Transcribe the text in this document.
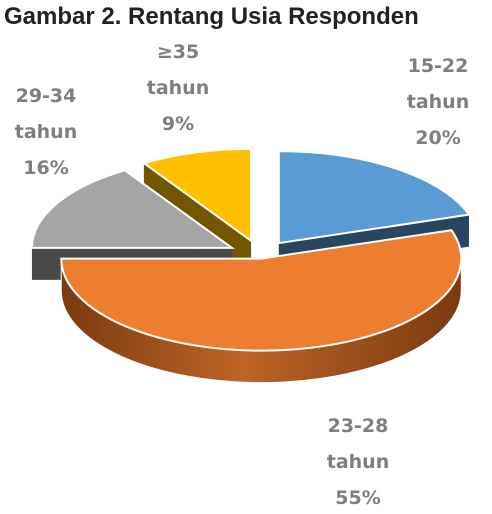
Gambar 2. Rentang Usia Responden
15-22 tahun 20%
23-28 tahun 55%
29-34 tahun 16%
≥35 tahun 9%
